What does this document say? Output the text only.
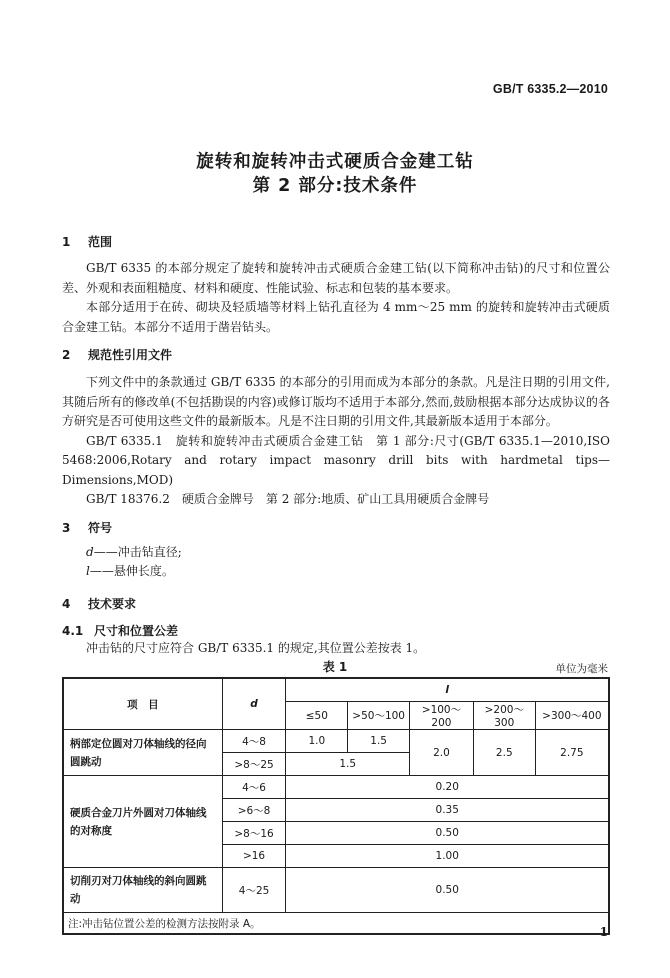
GB/T 6335.2—2010
旋转和旋转冲击式硬质合金建工钻
第 2 部分:技术条件
1 范围

GB/T 6335 的本部分规定了旋转和旋转冲击式硬质合金建工钻(以下简称冲击钻)的尺寸和位置公差、外观和表面粗糙度、材料和硬度、性能试验、标志和包装的基本要求。

本部分适用于在砖、砌块及轻质墙等材料上钻孔直径为 4 mm～25 mm 的旋转和旋转冲击式硬质合金建工钻。本部分不适用于凿岩钻头。

2 规范性引用文件

下列文件中的条款通过 GB/T 6335 的本部分的引用而成为本部分的条款。凡是注日期的引用文件,其随后所有的修改单(不包括勘误的内容)或修订版均不适用于本部分,然而,鼓励根据本部分达成协议的各方研究是否可使用这些文件的最新版本。凡是不注日期的引用文件,其最新版本适用于本部分。

GB/T 6335.1　旋转和旋转冲击式硬质合金建工钻　第 1 部分:尺寸(GB/T 6335.1—2010,ISO 5468:2006,Rotary and rotary impact masonry drill bits with hardmetal tips—Dimensions,MOD)

GB/T 18376.2　硬质合金牌号　第 2 部分:地质、矿山工具用硬质合金牌号

3 符号
d——冲击钻直径;
l——悬伸长度。
4 技术要求
4.1 尺寸和位置公差

冲击钻的尺寸应符合 GB/T 6335.1 的规定,其位置公差按表 1。

表 1	单位为毫米
项　目	d	l				
		≤50	>50～100	>100～200	>200～300	>300～400
柄部定位圆对刀体轴线的径向圆跳动	4～8	1.0	1.5	2.0	2.5	2.75
	>8～25	1.5				
硬质合金刀片外圆对刀体轴线的对称度	4～6	0.20				
	>6～8	0.35				
	>8～16	0.50				
	>16	1.00				
切削刃对刀体轴线的斜向圆跳动	4～25	0.50				
注:冲击钻位置公差的检测方法按附录 A。						
1
